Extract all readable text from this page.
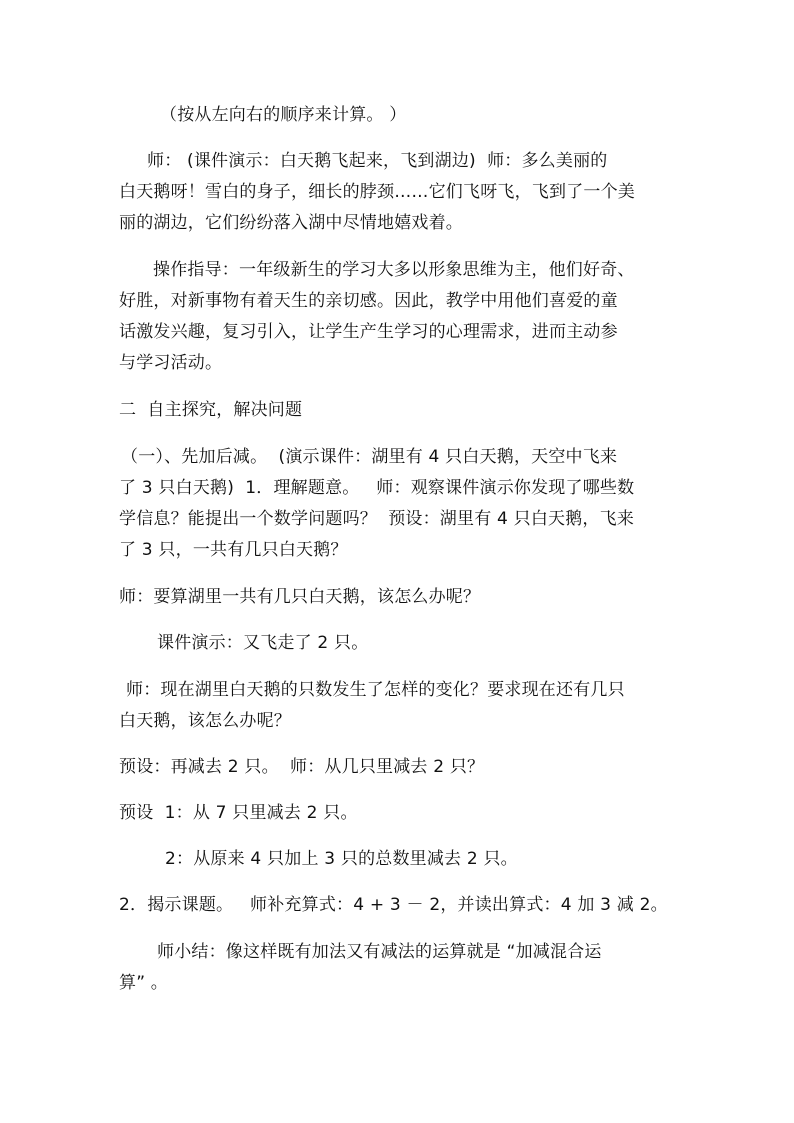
（按从左向右的顺序来计算。 ）
师： (课件演示：白天鹅飞起来，飞到湖边)  师：多么美丽的
白天鹅呀！雪白的身子，细长的脖颈……它们飞呀飞，飞到了一个美
丽的湖边，它们纷纷落入湖中尽情地嬉戏着。
操作指导：一年级新生的学习大多以形象思维为主，他们好奇、
好胜，对新事物有着天生的亲切感。因此，教学中用他们喜爱的童
话激发兴趣，复习引入，让学生产生学习的心理需求，进而主动参
与学习活动。
二  自主探究，解决问题
（一）、先加后减。  (演示课件：湖里有 4 只白天鹅，天空中飞来
了 3 只白天鹅)  1．理解题意。   师：观察课件演示你发现了哪些数
学信息？能提出一个数学问题吗？  预设：湖里有 4 只白天鹅，飞来
了 3 只，一共有几只白天鹅？
师：要算湖里一共有几只白天鹅，该怎么办呢？
课件演示：又飞走了 2 只。
师：现在湖里白天鹅的只数发生了怎样的变化？要求现在还有几只
白天鹅，该怎么办呢？
预设：再减去 2 只。  师：从几只里减去 2 只？
预设  1：从 7 只里减去 2 只。
2：从原来 4 只加上 3 只的总数里减去 2 只。
2．揭示课题。   师补充算式：4 + 3 － 2，并读出算式：4 加 3 减 2。
师小结：像这样既有加法又有减法的运算就是 “加减混合运
算” 。
